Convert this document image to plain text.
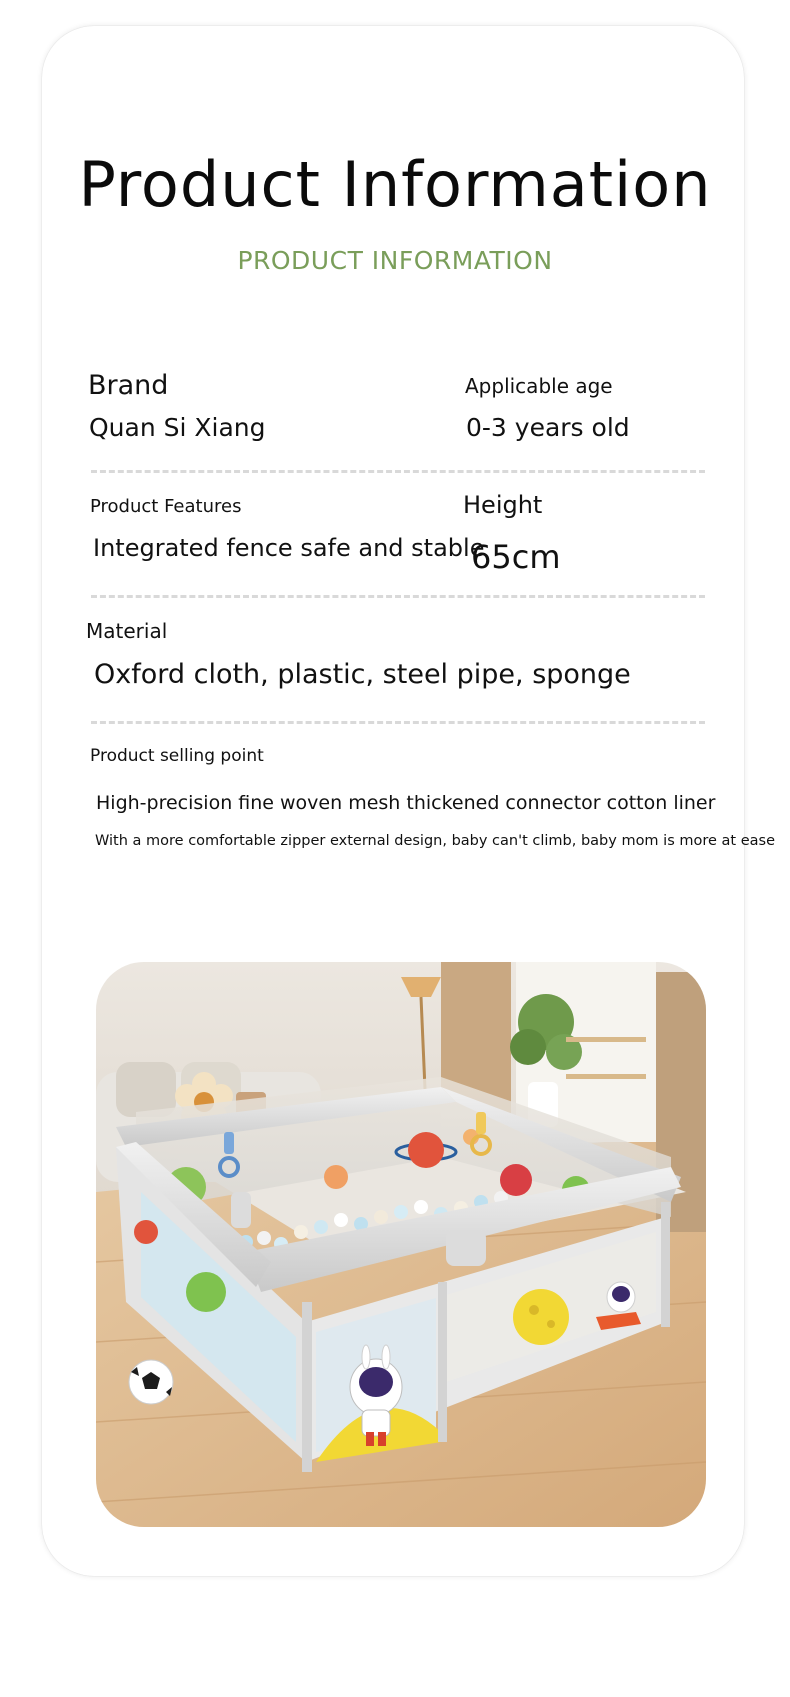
Product Information
PRODUCT INFORMATION
Brand
Quan Si Xiang
Applicable age
0-3 years old
Product Features
Integrated fence safe and stable
Height
65cm
Material
Oxford cloth, plastic, steel pipe, sponge
Product selling point
High-precision fine woven mesh thickened connector cotton liner
With a more comfortable zipper external design, baby can't climb, baby mom is more at ease
